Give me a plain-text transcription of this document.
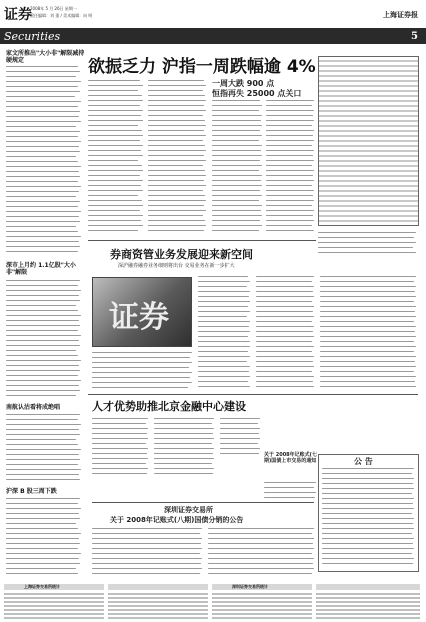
证券
2008年 5 月 26日 星期一
责任编辑：刘 重 / 美术编辑：向 明	上海证券报
Securities	5
家文所推出"大小非"解限减持硬规定
深市上月约 1.1亿股"大小非"解限
南航认沽看将成绝唱
沪深 B 股三周下跌
欲振乏力 沪指一周跌幅逾 4%
一周大跌 900 点
恒指再失 25000 点关口
券商资管业务发展迎来新空间
深沪融券融券业务细则将出台 交易业务在新一步扩大
证券
人才优势助推北京金融中心建设
关于 2008年记账式(七期)国债上市交易的通知
深圳证券交易所
关于 2008年记账式(八期)国债分销的公告
公 告
上海证券交易所统计	深圳证券交易所统计
